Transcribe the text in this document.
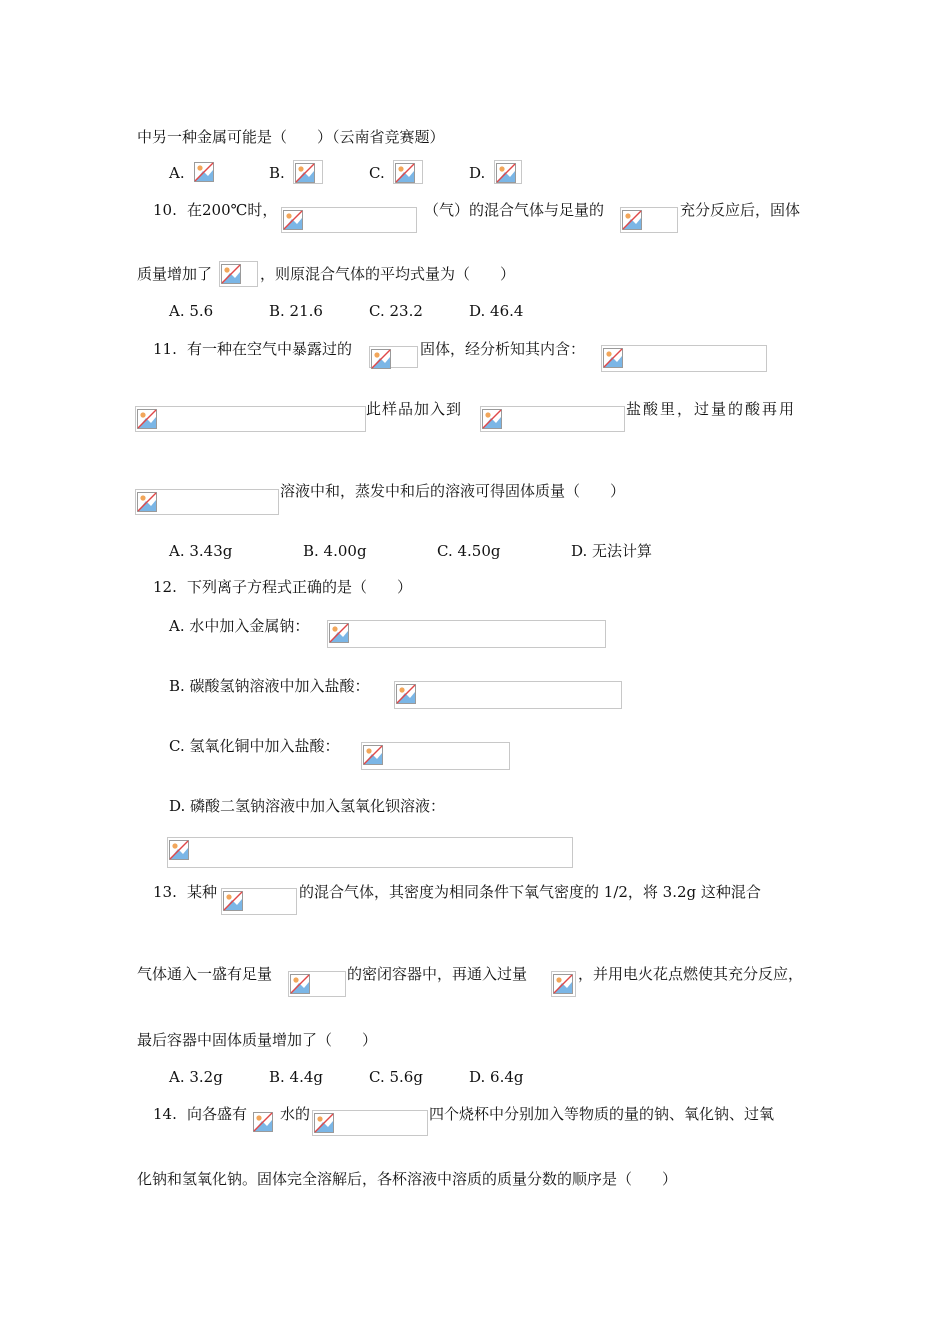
中另一种金属可能是（　　）（云南省竞赛题）
A.	B.	C.	D.
10. 在200℃时，	（气）的混合气体与足量的	充分反应后，固体
质量增加了	，则原混合气体的平均式量为（　　）
A. 5.6	B. 21.6	C. 23.2	D. 46.4
11. 有一种在空气中暴露过的	固体，经分析知其内含：
此样品加入到	盐酸里，过量的酸再用
溶液中和，蒸发中和后的溶液可得固体质量（　　）
A. 3.43g	B. 4.00g	C. 4.50g	D. 无法计算
12. 下列离子方程式正确的是（　　）
A. 水中加入金属钠：
B. 碳酸氢钠溶液中加入盐酸：
C. 氢氧化铜中加入盐酸：
D. 磷酸二氢钠溶液中加入氢氧化钡溶液：
13. 某种	的混合气体，其密度为相同条件下氧气密度的 1/2，将 3.2g 这种混合
气体通入一盛有足量	的密闭容器中，再通入过量	，并用电火花点燃使其充分反应，
最后容器中固体质量增加了（　　）
A. 3.2g	B. 4.4g	C. 5.6g	D. 6.4g
14. 向各盛有 水的	四个烧杯中分别加入等物质的量的钠、氧化钠、过氧
化钠和氢氧化钠。固体完全溶解后，各杯溶液中溶质的质量分数的顺序是（　　）
